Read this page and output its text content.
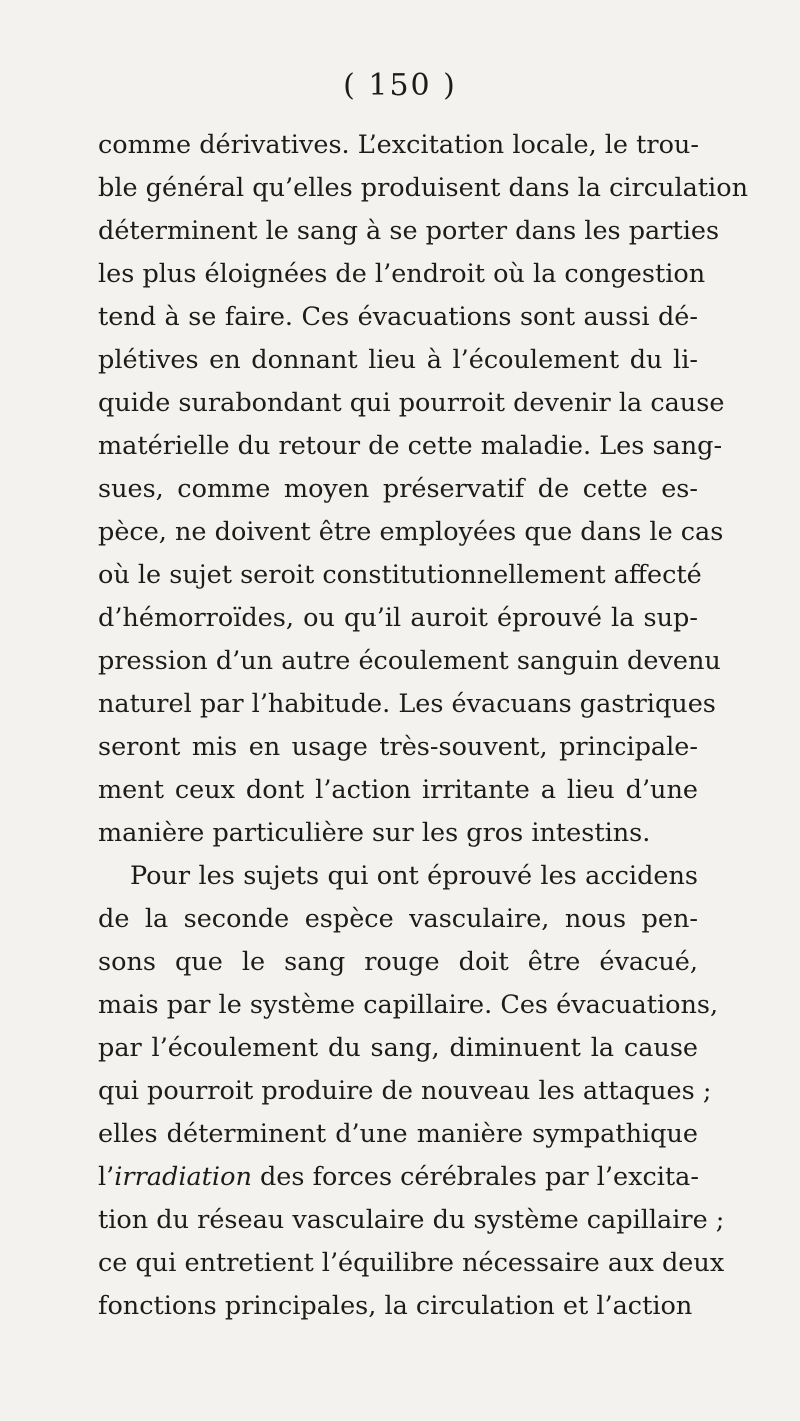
( 150 )
comme dérivatives. L’excitation locale, le trou-
ble général qu’elles produisent dans la circulation
déterminent le sang à se porter dans les parties
les plus éloignées de l’endroit où la congestion
tend à se faire. Ces évacuations sont aussi dé-
plétives en donnant lieu à l’écoulement du li-
quide surabondant qui pourroit devenir la cause
matérielle du retour de cette maladie. Les sang-
sues, comme moyen préservatif de cette es-
pèce, ne doivent être employées que dans le cas
où le sujet seroit constitutionnellement affecté
d’hémorroïdes, ou qu’il auroit éprouvé la sup-
pression d’un autre écoulement sanguin devenu
naturel par l’habitude. Les évacuans gastriques
seront mis en usage très-souvent, principale-
ment ceux dont l’action irritante a lieu d’une
manière particulière sur les gros intestins.
Pour les sujets qui ont éprouvé les accidens
de la seconde espèce vasculaire, nous pen-
sons que le sang rouge doit être évacué,
mais par le système capillaire. Ces évacuations,
par l’écoulement du sang, diminuent la cause
qui pourroit produire de nouveau les attaques ;
elles déterminent d’une manière sympathique
l’irradiation des forces cérébrales par l’excita-
tion du réseau vasculaire du système capillaire ;
ce qui entretient l’équilibre nécessaire aux deux
fonctions principales, la circulation et l’action
